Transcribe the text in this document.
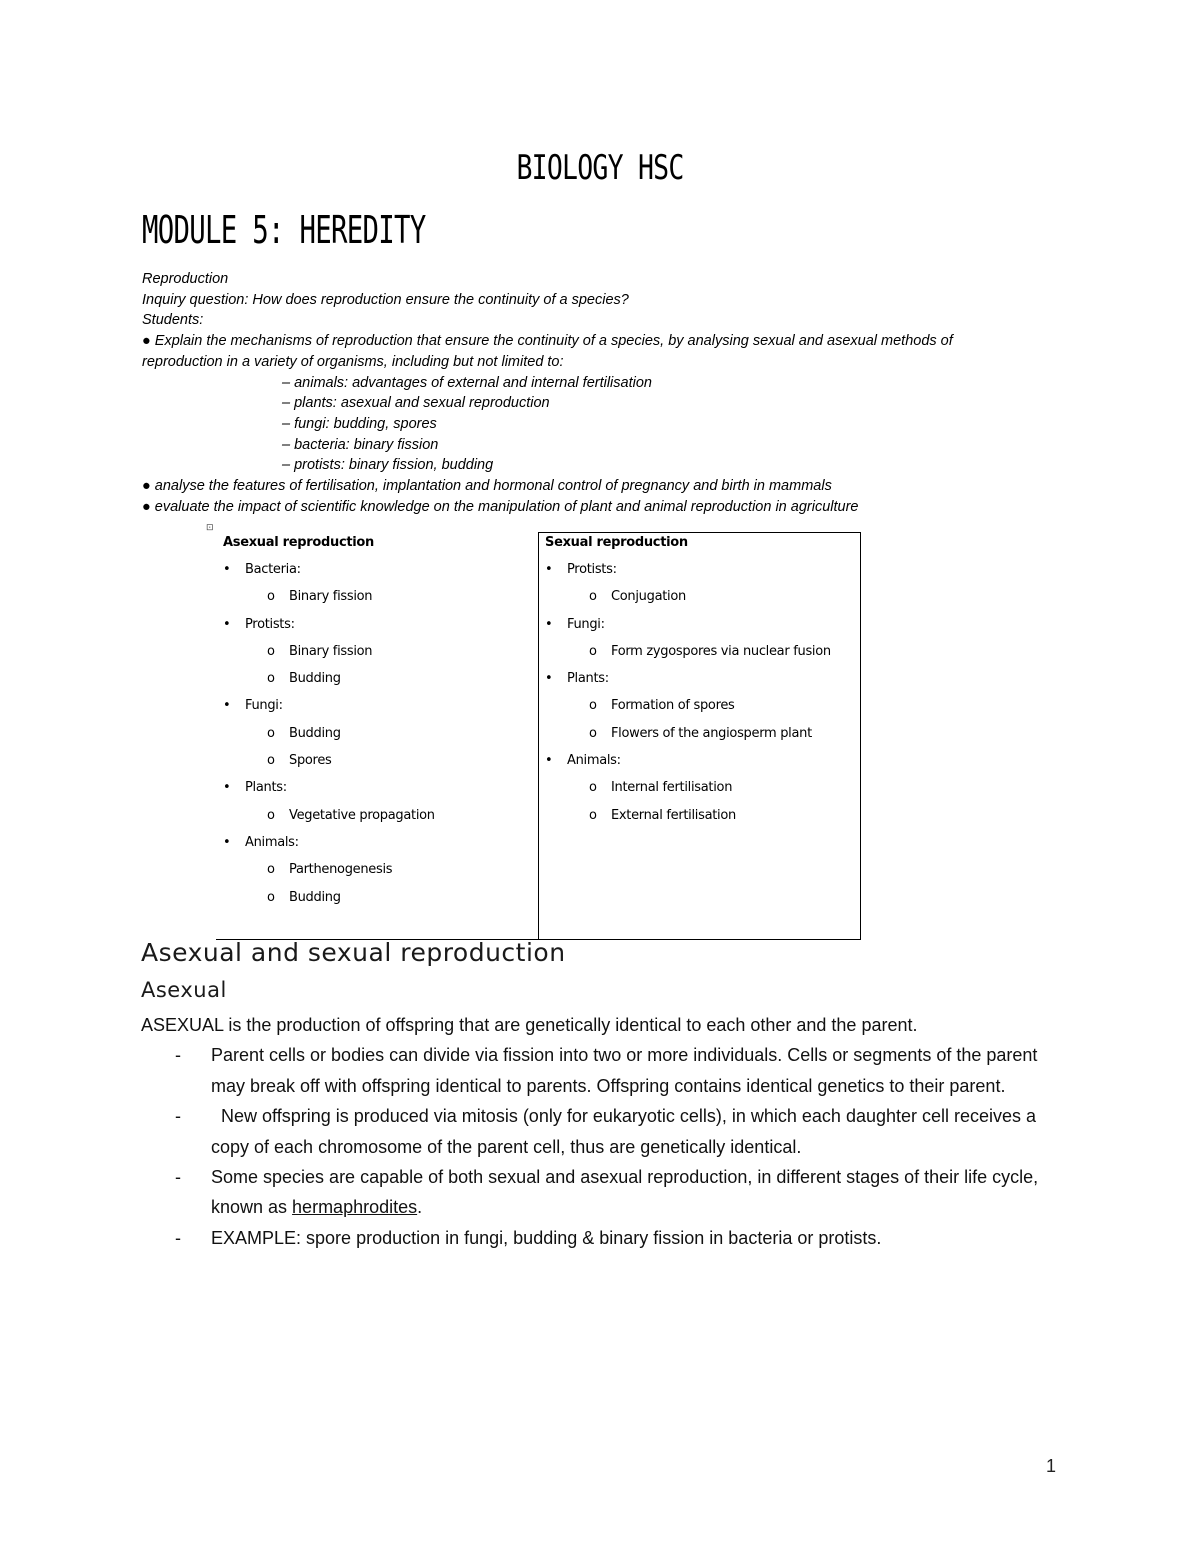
BIOLOGY HSC
MODULE 5: HEREDITY
Reproduction
Inquiry question: How does reproduction ensure the continuity of a species?
Students:
● Explain the mechanisms of reproduction that ensure the continuity of a species, by analysing sexual and asexual methods of
reproduction in a variety of organisms, including but not limited to:
– animals: advantages of external and internal fertilisation
– plants: asexual and sexual reproduction
– fungi: budding, spores
– bacteria: binary fission
– protists: binary fission, budding
● analyse the features of fertilisation, implantation and hormonal control of pregnancy and birth in mammals
● evaluate the impact of scientific knowledge on the manipulation of plant and animal reproduction in agriculture
⊡
Asexual reproduction
• Bacteria:
o Binary fission
• Protists:
o Binary fission
o Budding
• Fungi:
o Budding
o Spores
• Plants:
o Vegetative propagation
• Animals:
o Parthenogenesis
o Budding
Sexual reproduction
• Protists:
o Conjugation
• Fungi:
o Form zygospores via nuclear fusion
• Plants:
o Formation of spores
o Flowers of the angiosperm plant
• Animals:
o Internal fertilisation
o External fertilisation
Asexual and sexual reproduction
Asexual
ASEXUAL is the production of offspring that are genetically identical to each other and the parent.
- Parent cells or bodies can divide via fission into two or more individuals. Cells or segments of the parent may break off with offspring identical to parents. Offspring contains identical genetics to their parent.
- New offspring is produced via mitosis (only for eukaryotic cells), in which each daughter cell receives a copy of each chromosome of the parent cell, thus are genetically identical.
- Some species are capable of both sexual and asexual reproduction, in different stages of their life cycle, known as hermaphrodites.
- EXAMPLE: spore production in fungi, budding & binary fission in bacteria or protists.
1
